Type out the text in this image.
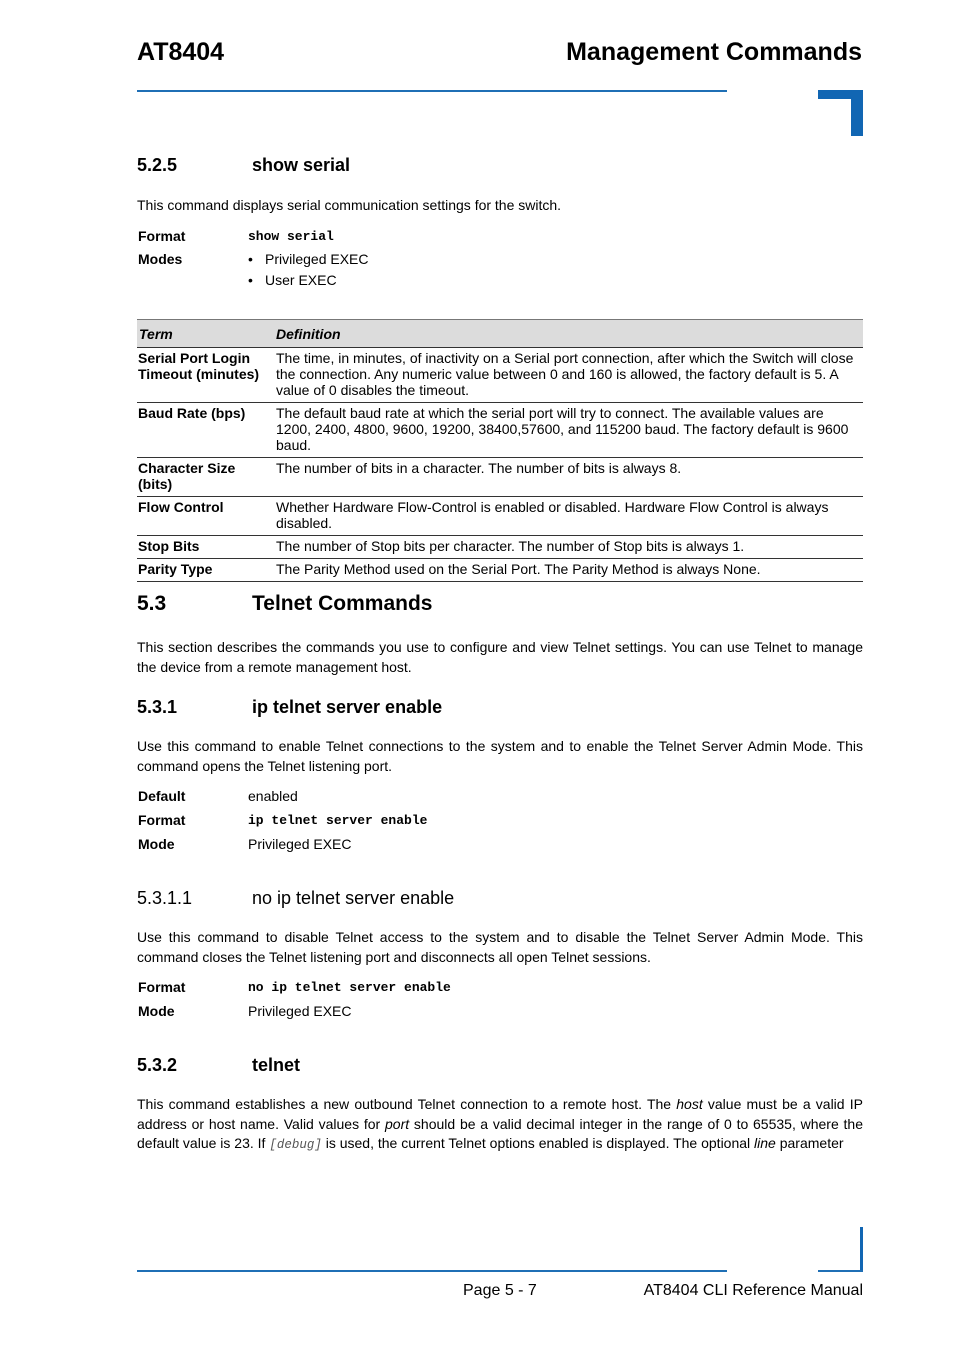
AT8404	Management Commands
5.2.5	show serial
This command displays serial communication settings for the switch.
Format	show serial
Modes	• Privileged EXEC
• User EXEC
Term	Definition
Serial Port Login Timeout (minutes)	The time, in minutes, of inactivity on a Serial port connection, after which the Switch will close the connection. Any numeric value between 0 and 160 is allowed, the factory default is 5. A value of 0 disables the timeout.
Baud Rate (bps)	The default baud rate at which the serial port will try to connect. The available values are 1200, 2400, 4800, 9600, 19200, 38400,57600, and 115200 baud. The factory default is 9600 baud.
Character Size (bits)	The number of bits in a character. The number of bits is always 8.
Flow Control	Whether Hardware Flow-Control is enabled or disabled. Hardware Flow Control is always disabled.
Stop Bits	The number of Stop bits per character. The number of Stop bits is always 1.
Parity Type	The Parity Method used on the Serial Port. The Parity Method is always None.
5.3	Telnet Commands
This section describes the commands you use to configure and view Telnet settings. You can use Telnet to manage the device from a remote management host.
5.3.1	ip telnet server enable
Use this command to enable Telnet connections to the system and to enable the Telnet Server Admin Mode. This command opens the Telnet listening port.
Default	enabled
Format	ip telnet server enable
Mode	Privileged EXEC
5.3.1.1	no ip telnet server enable
Use this command to disable Telnet access to the system and to disable the Telnet Server Admin Mode. This command closes the Telnet listening port and disconnects all open Telnet sessions.
Format	no ip telnet server enable
Mode	Privileged EXEC
5.3.2	telnet
This command establishes a new outbound Telnet connection to a remote host. The host value must be a valid IP address or host name. Valid values for port should be a valid decimal integer in the range of 0 to 65535, where the default value is 23. If [debug] is used, the current Telnet options enabled is displayed. The optional line parameter
Page 5 - 7	AT8404 CLI Reference Manual
